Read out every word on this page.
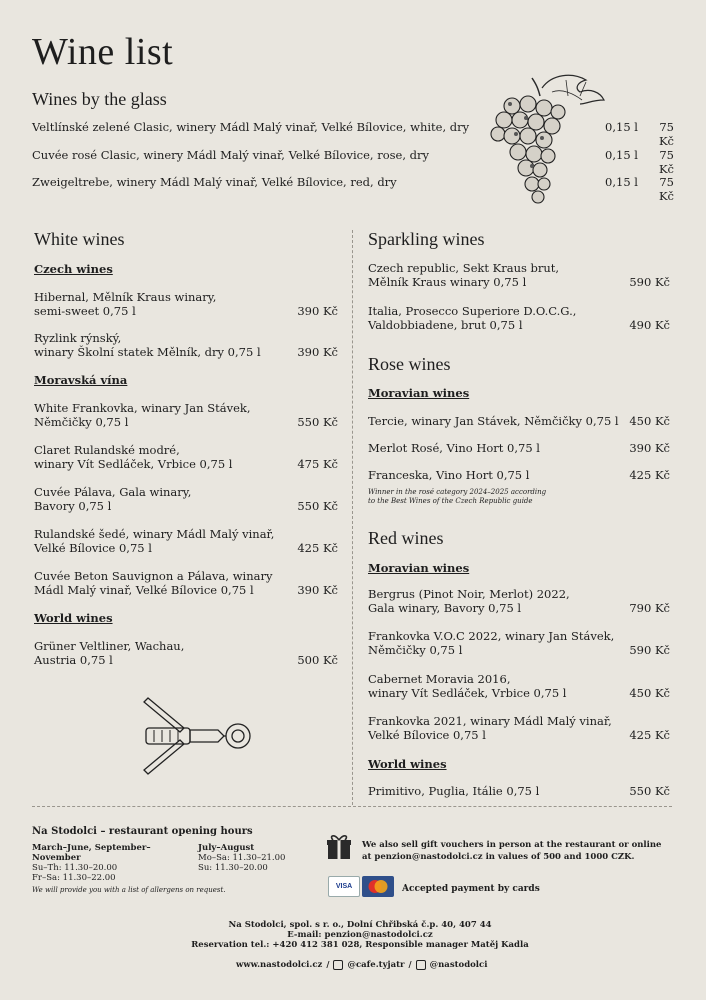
Wine list
Wines by the glass
Veltlínské zelené Clasic, winery Mádl Malý vinař, Velké Bílovice, white, dry	0,15 l	75 Kč
Cuvée rosé Clasic, winery Mádl Malý vinař, Velké Bílovice, rose, dry	0,15 l	75 Kč
Zweigeltrebe, winery Mádl Malý vinař, Velké Bílovice, red, dry	0,15 l	75 Kč
White wines
Czech wines
Hibernal, Mělník Kraus winary,
semi-sweet 0,75 l	390 Kč
Ryzlink rýnský,
winary Školní statek Mělník, dry 0,75 l	390 Kč
Moravská vína
White Frankovka, winary Jan Stávek,
Němčičky 0,75 l	550 Kč
Claret Rulandské modré,
winary Vít Sedláček, Vrbice 0,75 l	475 Kč
Cuvée Pálava, Gala winary,
Bavory 0,75 l	550 Kč
Rulandské šedé, winary Mádl Malý vinař,
Velké Bílovice 0,75 l	425 Kč
Cuvée Beton Sauvignon a Pálava, winary
Mádl Malý vinař, Velké Bílovice 0,75 l	390 Kč
World wines
Grüner Veltliner, Wachau,
Austria 0,75 l	500 Kč
Sparkling wines
Czech republic, Sekt Kraus brut,
Mělník Kraus winary 0,75 l	590 Kč
Italia, Prosecco Superiore D.O.C.G.,
Valdobbiadene, brut 0,75 l	490 Kč
Rose wines
Moravian wines
Tercie, winary Jan Stávek, Němčičky 0,75 l 450 Kč
Merlot Rosé, Vino Hort 0,75 l	390 Kč
Franceska, Vino Hort 0,75 l	425 Kč
Winner in the rosé category 2024–2025 according
to the Best Wines of the Czech Republic guide
Red wines
Moravian wines
Bergrus (Pinot Noir, Merlot) 2022,
Gala winary, Bavory 0,75 l	790 Kč
Frankovka V.O.C 2022, winary Jan Stávek,
Němčičky 0,75 l	590 Kč
Cabernet Moravia 2016,
winary Vít Sedláček, Vrbice 0,75 l	450 Kč
Frankovka 2021, winary Mádl Malý vinař,
Velké Bílovice 0,75 l	425 Kč
World wines
Primitivo, Puglia, Itálie 0,75 l	550 Kč
Na Stodolci – restaurant opening hours
March–June, September–November
Su–Th: 11.30–20.00
Fr–Sa: 11.30–22.00
July–August
Mo–Sa: 11.30–21.00
Su: 11.30–20.00
We will provide you with a list of allergens on request.
We also sell gift vouchers in person at the restaurant or online
at penzion@nastodolci.cz in values of 500 and 1000 CZK.
VISA	Accepted payment by cards
Na Stodolci, spol. s r. o., Dolní Chřibská č.p. 40, 407 44
E-mail: penzion@nastodolci.cz
Reservation tel.: +420 412 381 028, Responsible manager Matěj Kadla
www.nastodolci.cz / @cafe.tyjatr / @nastodolci
